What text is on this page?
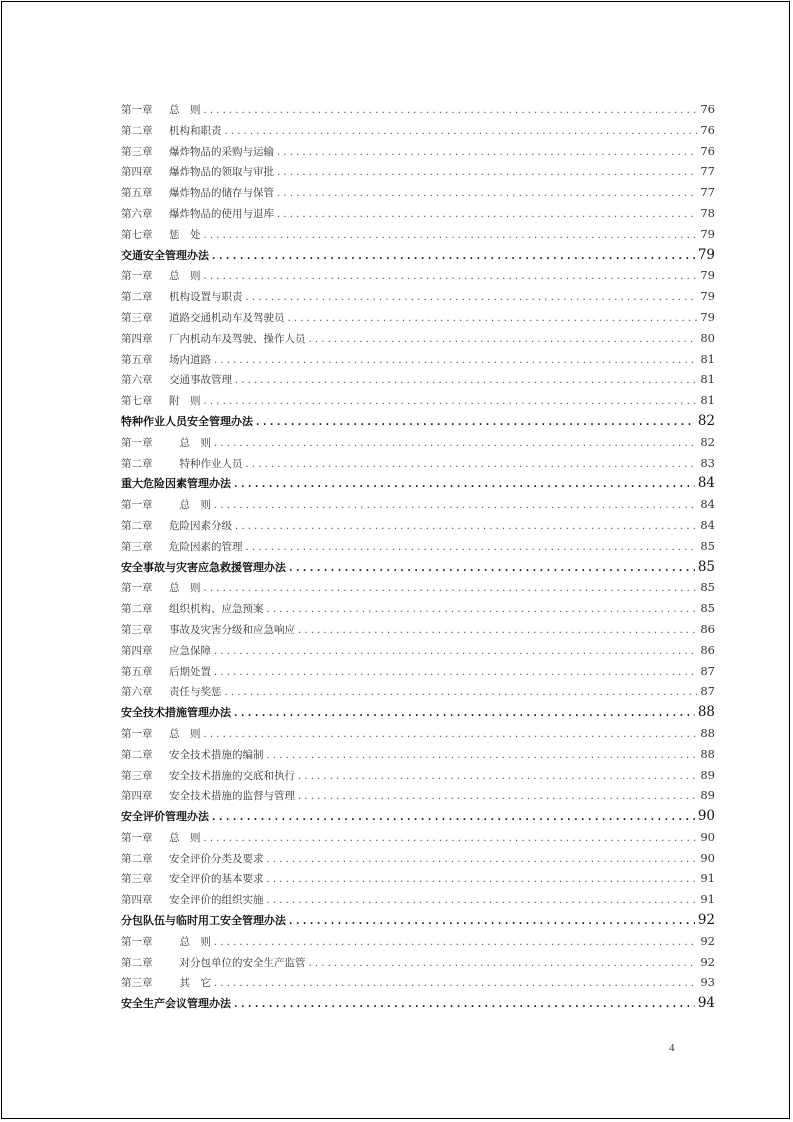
第一章 总　则 . . .	76
第二章 机构和职责 . . .	76
第三章 爆炸物品的采购与运输 . . .	76
第四章 爆炸物品的领取与审批 . . .	77
第五章 爆炸物品的储存与保管 . . .	77
第六章 爆炸物品的使用与退库 . . .	78
第七章 惩　处 . . .	79
交通安全管理办法 . . .	79
第一章 总　则 . . .	79
第二章 机构设置与职责 . . .	79
第三章 道路交通机动车及驾驶员 . . .	79
第四章 厂内机动车及驾驶、操作人员 . . .	80
第五章 场内道路 . . .	81
第六章 交通事故管理 . . .	81
第七章 附　则 . . .	81
特种作业人员安全管理办法 . . .	82
第一章　总　则 . . .	82
第二章　特种作业人员 . . .	83
重大危险因素管理办法 . . .	84
第一章　总　则 . . .	84
第二章 危险因素分级 . . .	84
第三章 危险因素的管理 . . .	85
安全事故与灾害应急救援管理办法 . . .	85
第一章 总　则 . . .	85
第二章 组织机构、应急预案 . . .	85
第三章 事故及灾害分级和应急响应 . . .	86
第四章 应急保障 . . .	86
第五章 后期处置 . . .	87
第六章 责任与奖惩 . . .	87
安全技术措施管理办法 . . .	88
第一章 总　则 . . .	88
第二章 安全技术措施的编制 . . .	88
第三章 安全技术措施的交底和执行 . . .	89
第四章 安全技术措施的监督与管理 . . .	89
安全评价管理办法 . . .	90
第一章 总　则 . . .	90
第二章 安全评价分类及要求 . . .	90
第三章 安全评价的基本要求 . . .	91
第四章 安全评价的组织实施 . . .	91
分包队伍与临时用工安全管理办法 . . .	92
第一章　总　则 . . .	92
第二章　对分包单位的安全生产监管 . . .	92
第三章　其　它 . . .	93
安全生产会议管理办法 . . .	94
4
